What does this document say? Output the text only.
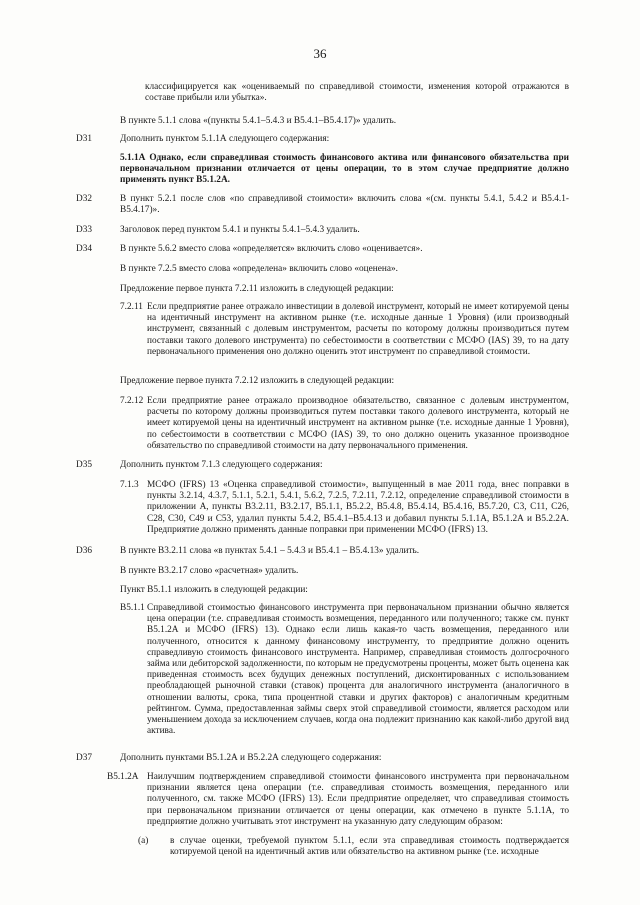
36
классифицируется как «оцениваемый по справедливой стоимости, изменения которой отражаются в составе прибыли или убытка».
В пункте 5.1.1 слова «(пункты 5.4.1–5.4.3 и B5.4.1–B5.4.17)» удалить.
D31	Дополнить пунктом 5.1.1А следующего содержания:
5.1.1А Однако, если справедливая стоимость финансового актива или финансового обязательства при первоначальном признании отличается от цены операции, то в этом случае предприятие должно применять пункт В5.1.2А.
D32	В пункт 5.2.1 после слов «по справедливой стоимости» включить слова «(см. пункты 5.4.1, 5.4.2 и В5.4.1-В5.4.17)».
D33	Заголовок перед пунктом 5.4.1 и пункты 5.4.1–5.4.3 удалить.
D34	В пункте 5.6.2 вместо слова «определяется» включить слово «оценивается».
В пункте 7.2.5 вместо слова «определена» включить слово «оценена».
Предложение первое пункта 7.2.11 изложить в следующей редакции:
7.2.11 Если предприятие ранее отражало инвестиции в долевой инструмент, который не имеет котируемой цены на идентичный инструмент на активном рынке (т.е. исходные данные 1 Уровня) (или производный инструмент, связанный с долевым инструментом, расчеты по которому должны производиться путем поставки такого долевого инструмента) по себестоимости в соответствии с МСФО (IAS) 39, то на дату первоначального применения оно должно оценить этот инструмент по справедливой стоимости.
Предложение первое пункта 7.2.12 изложить в следующей редакции:
7.2.12 Если предприятие ранее отражало производное обязательство, связанное с долевым инструментом, расчеты по которому должны производиться путем поставки такого долевого инструмента, который не имеет котируемой цены на идентичный инструмент на активном рынке (т.е. исходные данные 1 Уровня), по себестоимости в соответствии с МСФО (IAS) 39, то оно должно оценить указанное производное обязательство по справедливой стоимости на дату первоначального применения.
D35	Дополнить пунктом 7.1.3 следующего содержания:
7.1.3 МСФО (IFRS) 13 «Оценка справедливой стоимости», выпущенный в мае 2011 года, внес поправки в пункты 3.2.14, 4.3.7, 5.1.1, 5.2.1, 5.4.1, 5.6.2, 7.2.5, 7.2.11, 7.2.12, определение справедливой стоимости в приложении А, пункты В3.2.11, В3.2.17, В5.1.1, В5.2.2, В5.4.8, В5.4.14, В5.4.16, В5.7.20, С3, С11, С26, С28, С30, С49 и С53, удалил пункты 5.4.2, В5.4.1–В5.4.13 и добавил пункты 5.1.1А, В5.1.2А и В5.2.2А. Предприятие должно применять данные поправки при применении МСФО (IFRS) 13.
D36	В пункте В3.2.11 слова «в пунктах 5.4.1 – 5.4.3 и В5.4.1 – В5.4.13» удалить.
В пункте В3.2.17 слово «расчетная» удалить.
Пункт В5.1.1 изложить в следующей редакции:
В5.1.1 Справедливой стоимостью финансового инструмента при первоначальном признании обычно является цена операции (т.е. справедливая стоимость возмещения, переданного или полученного; также см. пункт В5.1.2А и МСФО (IFRS) 13). Однако если лишь какая-то часть возмещения, переданного или полученного, относится к данному финансовому инструменту, то предприятие должно оценить справедливую стоимость финансового инструмента. Например, справедливая стоимость долгосрочного займа или дебиторской задолженности, по которым не предусмотрены проценты, может быть оценена как приведенная стоимость всех будущих денежных поступлений, дисконтированных с использованием преобладающей рыночной ставки (ставок) процента для аналогичного инструмента (аналогичного в отношении валюты, срока, типа процентной ставки и других факторов) с аналогичным кредитным рейтингом. Сумма, предоставленная займы сверх этой справедливой стоимости, является расходом или уменьшением дохода за исключением случаев, когда она подлежит признанию как какой-либо другой вид актива.
D37	Дополнить пунктами В5.1.2А и В5.2.2А следующего содержания:
В5.1.2А Наилучшим подтверждением справедливой стоимости финансового инструмента при первоначальном признании является цена операции (т.е. справедливая стоимость возмещения, переданного или полученного, см. также МСФО (IFRS) 13). Если предприятие определяет, что справедливая стоимость при первоначальном признании отличается от цены операции, как отмечено в пункте 5.1.1А, то предприятие должно учитывать этот инструмент на указанную дату следующим образом:
(а) в случае оценки, требуемой пунктом 5.1.1, если эта справедливая стоимость подтверждается котируемой ценой на идентичный актив или обязательство на активном рынке (т.е. исходные
